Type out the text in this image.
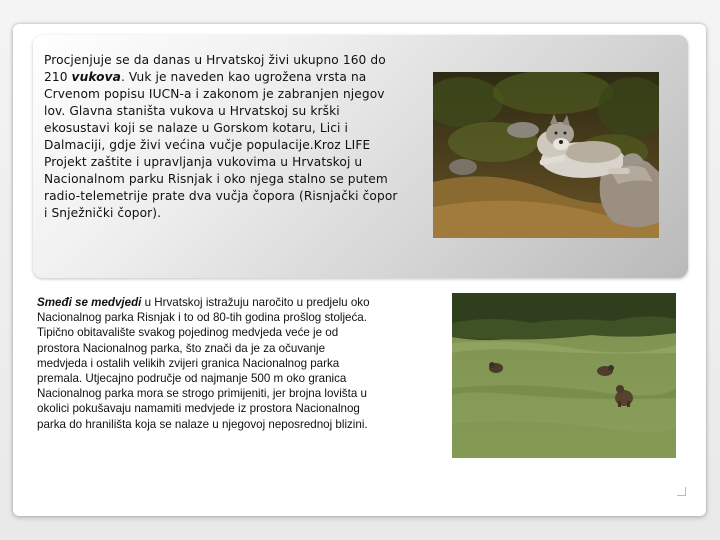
Procjenjuje se da danas u Hrvatskoj živi ukupno 160 do 210 vukova. Vuk je naveden kao ugrožena vrsta na Crvenom popisu IUCN-a i zakonom je zabranjen njegov lov. Glavna staništa vukova u Hrvatskoj su krški ekosustavi koji se nalaze u Gorskom kotaru, Lici i Dalmaciji, gdje živi većina vučje populacije.Kroz LIFE Projekt zaštite i upravljanja vukovima u Hrvatskoj u Nacionalnom parku Risnjak i oko njega stalno se putem radio-telemetrije prate dva vučja čopora (Risnjački čopor i Snježnički čopor).

Smeđi se medvjedi u Hrvatskoj istražuju naročito u predjelu oko Nacionalnog parka Risnjak i to od 80-tih godina prošlog stoljeća. Tipično obitavalište svakog pojedinog medvjeda veće je od prostora Nacionalnog parka, što znači da je za očuvanje medvjeda i ostalih velikih zvijeri granica Nacionalnog parka premala. Utjecajno područje od najmanje 500 m oko granica Nacionalnog parka mora se strogo primijeniti, jer brojna lovišta u okolici pokušavaju namamiti medvjede iz prostora Nacionalnog parka do hranilišta koja se nalaze u njegovoj neposrednoj blizini.
